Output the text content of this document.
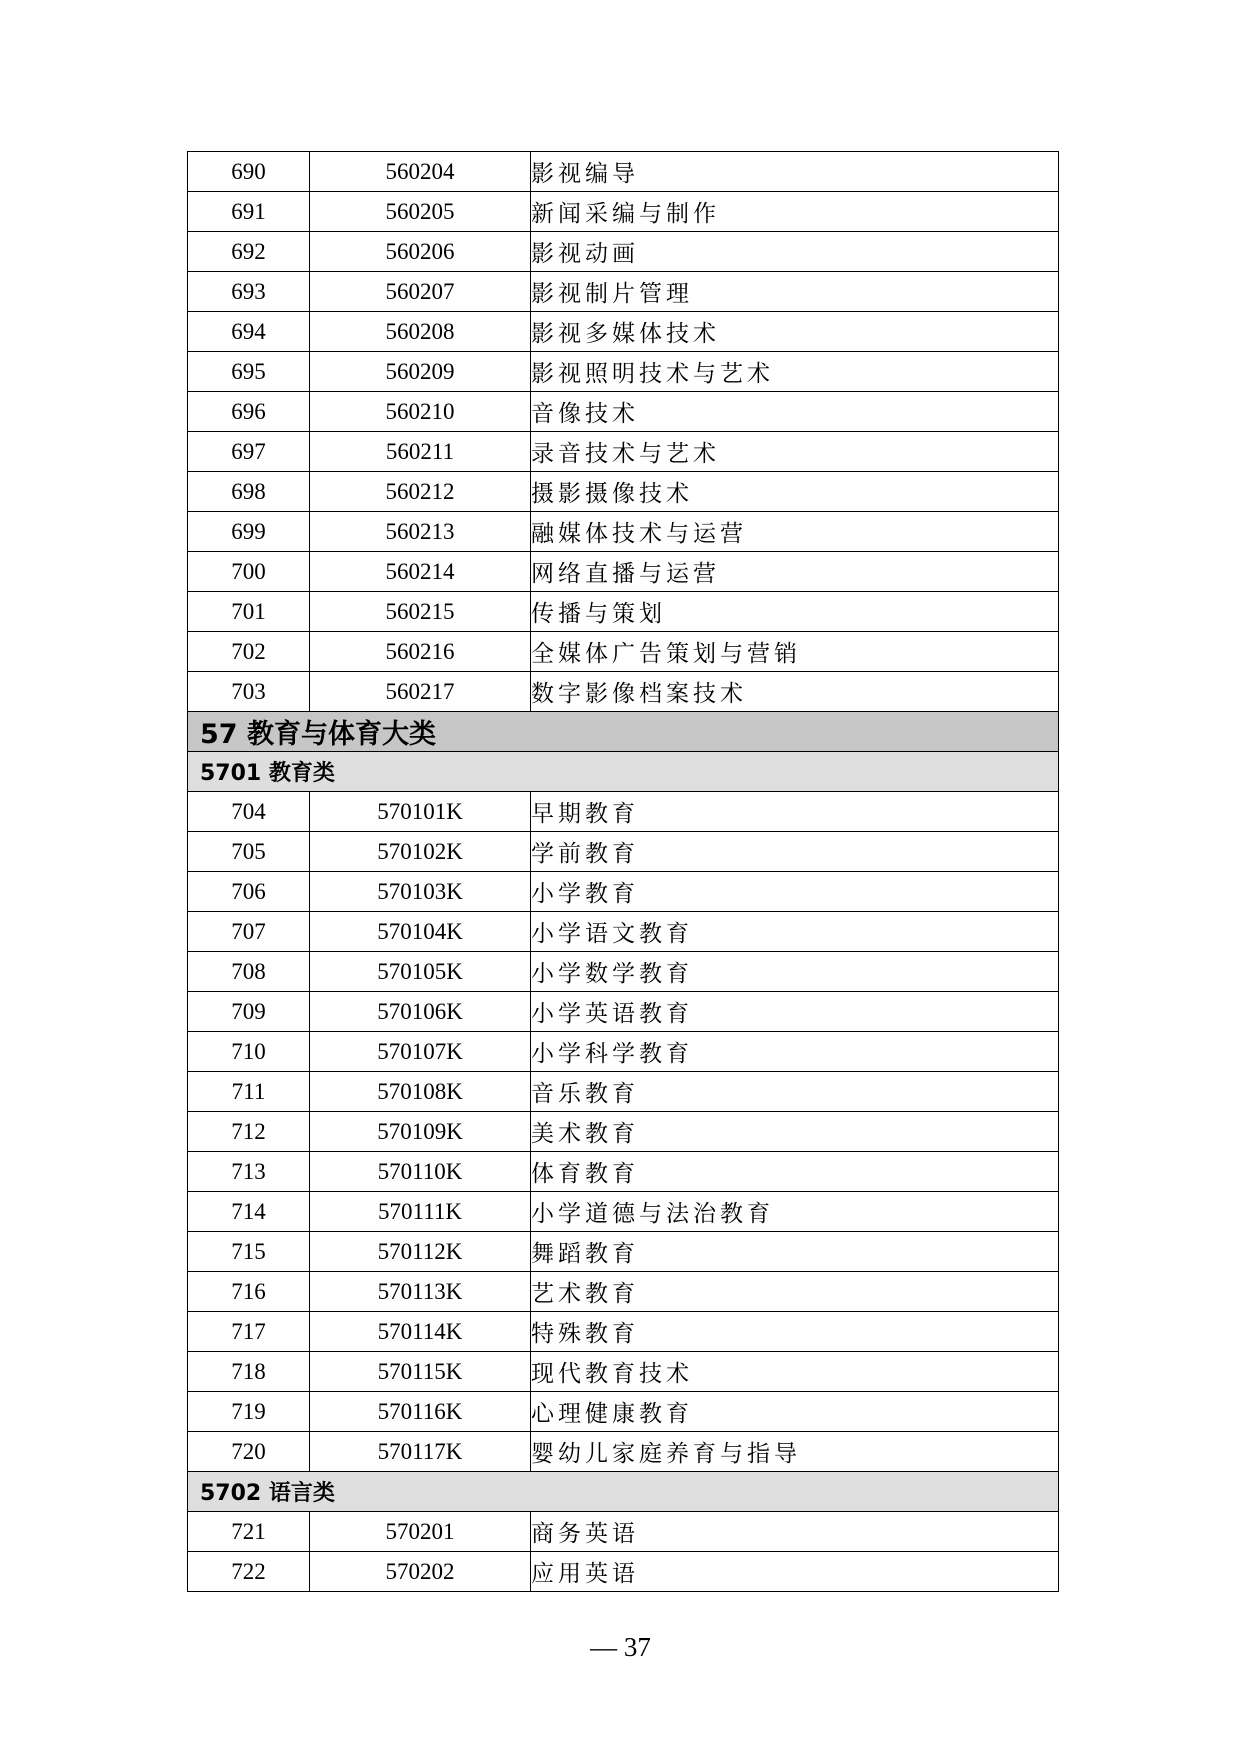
690	560204	影视编导
691	560205	新闻采编与制作
692	560206	影视动画
693	560207	影视制片管理
694	560208	影视多媒体技术
695	560209	影视照明技术与艺术
696	560210	音像技术
697	560211	录音技术与艺术
698	560212	摄影摄像技术
699	560213	融媒体技术与运营
700	560214	网络直播与运营
701	560215	传播与策划
702	560216	全媒体广告策划与营销
703	560217	数字影像档案技术
57 教育与体育大类		
5701 教育类		
704	570101K	早期教育
705	570102K	学前教育
706	570103K	小学教育
707	570104K	小学语文教育
708	570105K	小学数学教育
709	570106K	小学英语教育
710	570107K	小学科学教育
711	570108K	音乐教育
712	570109K	美术教育
713	570110K	体育教育
714	570111K	小学道德与法治教育
715	570112K	舞蹈教育
716	570113K	艺术教育
717	570114K	特殊教育
718	570115K	现代教育技术
719	570116K	心理健康教育
720	570117K	婴幼儿家庭养育与指导
5702 语言类		
721	570201	商务英语
722	570202	应用英语
— 37
